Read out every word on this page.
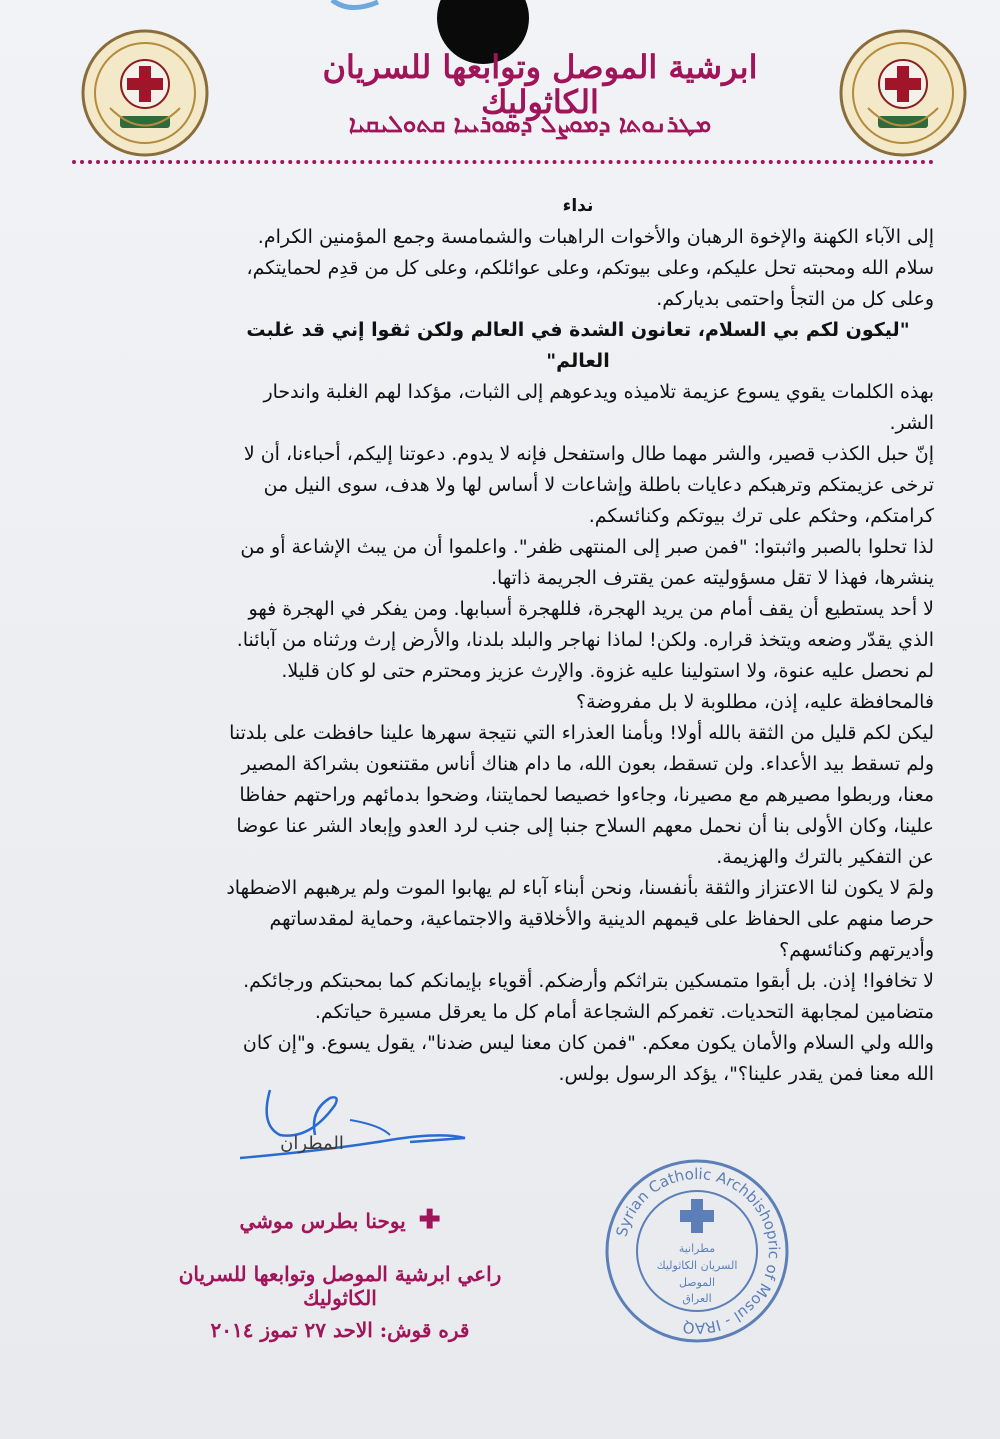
ابرشية الموصل وتوابعها للسريان الكاثوليك
ܡܛܪܢܘܬܐ ܕܡܘܨܠ ܕܣܘܪܝܝܐ ܩܬܘܠܝܩܝܐ

نداء

إلى الآباء الكهنة والإخوة الرهبان والأخوات الراهبات والشمامسة وجمع المؤمنين الكرام.

سلام الله ومحبته تحل عليكم، وعلى بيوتكم، وعلى عوائلكم، وعلى كل من قدِم لحمايتكم، وعلى كل من التجأ واحتمى بدياركم.

"ليكون لكم بي السلام، تعانون الشدة في العالم ولكن ثقوا إني قد غلبت العالم"

بهذه الكلمات يقوي يسوع عزيمة تلاميذه ويدعوهم إلى الثبات، مؤكدا لهم الغلبة واندحار الشر.

إنّ حبل الكذب قصير، والشر مهما طال واستفحل فإنه لا يدوم. دعوتنا إليكم، أحباءنا، أن لا ترخى عزيمتكم وترهبكم دعايات باطلة وإشاعات لا أساس لها ولا هدف، سوى النيل من كرامتكم، وحثكم على ترك بيوتكم وكنائسكم.

لذا تحلوا بالصبر واثبتوا: "فمن صبر إلى المنتهى ظفر". واعلموا أن من يبث الإشاعة أو من ينشرها، فهذا لا تقل مسؤوليته عمن يقترف الجريمة ذاتها.

لا أحد يستطيع أن يقف أمام من يريد الهجرة، فللهجرة أسبابها. ومن يفكر في الهجرة فهو الذي يقدّر وضعه ويتخذ قراره. ولكن! لماذا نهاجر والبلد بلدنا، والأرض إرث ورثناه من آبائنا. لم نحصل عليه عنوة، ولا استولينا عليه غزوة. والإرث عزيز ومحترم حتى لو كان قليلا. فالمحافظة عليه، إذن، مطلوبة لا بل مفروضة؟

ليكن لكم قليل من الثقة بالله أولا! وبأمنا العذراء التي نتيجة سهرها علينا حافظت على بلدتنا ولم تسقط بيد الأعداء. ولن تسقط، بعون الله، ما دام هناك أناس مقتنعون بشراكة المصير معنا، وربطوا مصيرهم مع مصيرنا، وجاءوا خصيصا لحمايتنا، وضحوا بدمائهم وراحتهم حفاظا علينا، وكان الأولى بنا أن نحمل معهم السلاح جنبا إلى جنب لرد العدو وإبعاد الشر عنا عوضا عن التفكير بالترك والهزيمة.

ولمَ لا يكون لنا الاعتزاز والثقة بأنفسنا، ونحن أبناء آباء لم يهابوا الموت ولم يرهبهم الاضطهاد حرصا منهم على الحفاظ على قيمهم الدينية والأخلاقية والاجتماعية، وحماية لمقدساتهم وأديرتهم وكنائسهم؟

لا تخافوا! إذن. بل أبقوا متمسكين بتراثكم وأرضكم. أقوياء بإيمانكم كما بمحبتكم ورجائكم. متضامين لمجابهة التحديات. تغمركم الشجاعة أمام كل ما يعرقل مسيرة حياتكم.

والله ولي السلام والأمان يكون معكم. "فمن كان معنا ليس ضدنا"، يقول يسوع. و"إن كان الله معنا فمن يقدر علينا؟"، يؤكد الرسول بولس.

المطران
✚ يوحنا بطرس موشي
راعي ابرشية الموصل وتوابعها للسريان الكاثوليك
قره قوش: الاحد ٢٧ تموز ٢٠١٤
Syrian Catholic Archbishopric of Mosul - IRAQ
مطرانية
السريان الكاثوليك
الموصل
العراق
